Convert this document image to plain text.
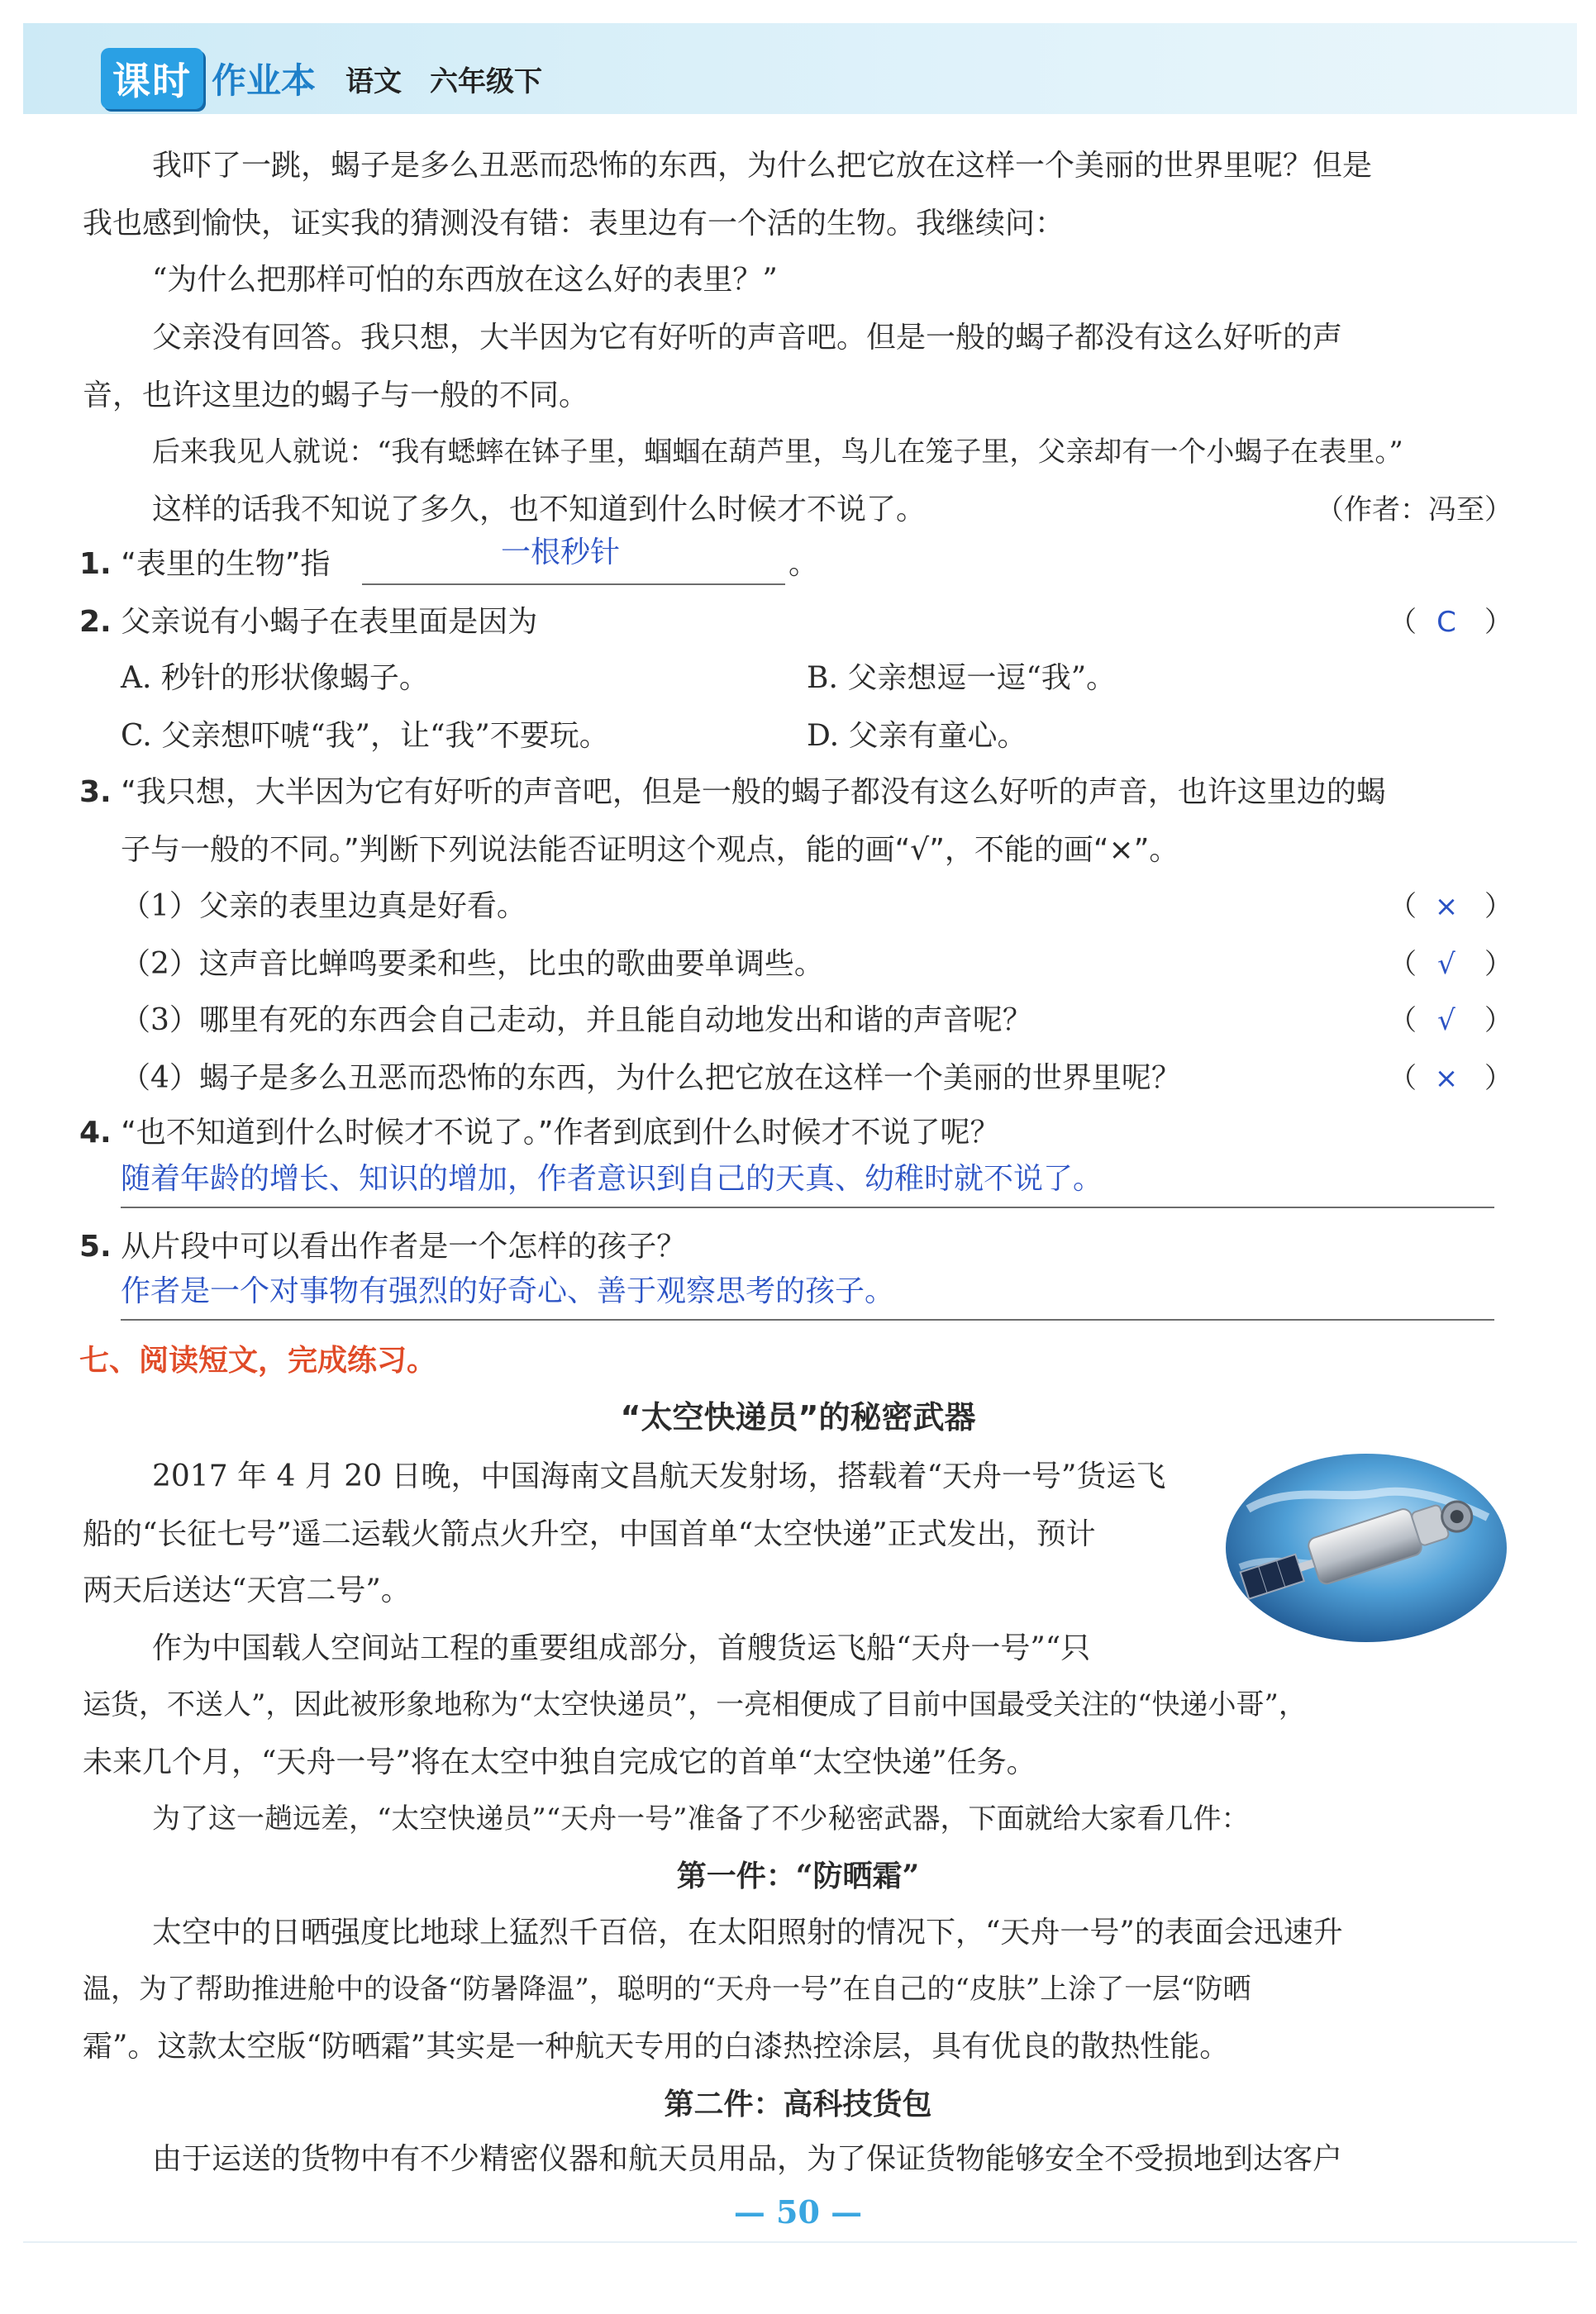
课时 作业本 语文 六年级下
我吓了一跳，蝎子是多么丑恶而恐怖的东西，为什么把它放在这样一个美丽的世界里呢？但是
我也感到愉快，证实我的猜测没有错：表里边有一个活的生物。我继续问：
“为什么把那样可怕的东西放在这么好的表里？”
父亲没有回答。我只想，大半因为它有好听的声音吧。但是一般的蝎子都没有这么好听的声
音，也许这里边的蝎子与一般的不同。
后来我见人就说：“我有蟋蟀在钵子里，蝈蝈在葫芦里，鸟儿在笼子里，父亲却有一个小蝎子在表里。”
这样的话我不知说了多久，也不知道到什么时候才不说了。	（作者：冯至）
1. “表里的生物”指	一根秒针	。
2. 父亲说有小蝎子在表里面是因为	（ C	）
A. 秒针的形状像蝎子。	B. 父亲想逗一逗“我”。
C. 父亲想吓唬“我”，让“我”不要玩。	D. 父亲有童心。
3. “我只想，大半因为它有好听的声音吧，但是一般的蝎子都没有这么好听的声音，也许这里边的蝎
子与一般的不同。”判断下列说法能否证明这个观点，能的画“√”，不能的画“×”。
（1）父亲的表里边真是好看。	（ × ）
（2）这声音比蝉鸣要柔和些，比虫的歌曲要单调些。	（ √	）
（3）哪里有死的东西会自己走动，并且能自动地发出和谐的声音呢？	（ √	）
（4）蝎子是多么丑恶而恐怖的东西，为什么把它放在这样一个美丽的世界里呢？	（ × ）
4. “也不知道到什么时候才不说了。”作者到底到什么时候才不说了呢？
随着年龄的增长、知识的增加，作者意识到自己的天真、幼稚时就不说了。
5. 从片段中可以看出作者是一个怎样的孩子？
作者是一个对事物有强烈的好奇心、善于观察思考的孩子。
七、阅读短文，完成练习。
“太空快递员”的秘密武器
2017 年 4 月 20 日晚，中国海南文昌航天发射场，搭载着“天舟一号”货运飞
船的“长征七号”遥二运载火箭点火升空，中国首单“太空快递”正式发出，预计
两天后送达“天宫二号”。
作为中国载人空间站工程的重要组成部分，首艘货运飞船“天舟一号”“只
运货，不送人”，因此被形象地称为“太空快递员”，一亮相便成了目前中国最受关注的“快递小哥”，
未来几个月，“天舟一号”将在太空中独自完成它的首单“太空快递”任务。
为了这一趟远差，“太空快递员”“天舟一号”准备了不少秘密武器，下面就给大家看几件：
第一件：“防晒霜”
太空中的日晒强度比地球上猛烈千百倍，在太阳照射的情况下，“天舟一号”的表面会迅速升
温，为了帮助推进舱中的设备“防暑降温”，聪明的“天舟一号”在自己的“皮肤”上涂了一层“防晒
霜”。这款太空版“防晒霜”其实是一种航天专用的白漆热控涂层，具有优良的散热性能。
第二件：高科技货包
由于运送的货物中有不少精密仪器和航天员用品，为了保证货物能够安全不受损地到达客户
— 50 —
